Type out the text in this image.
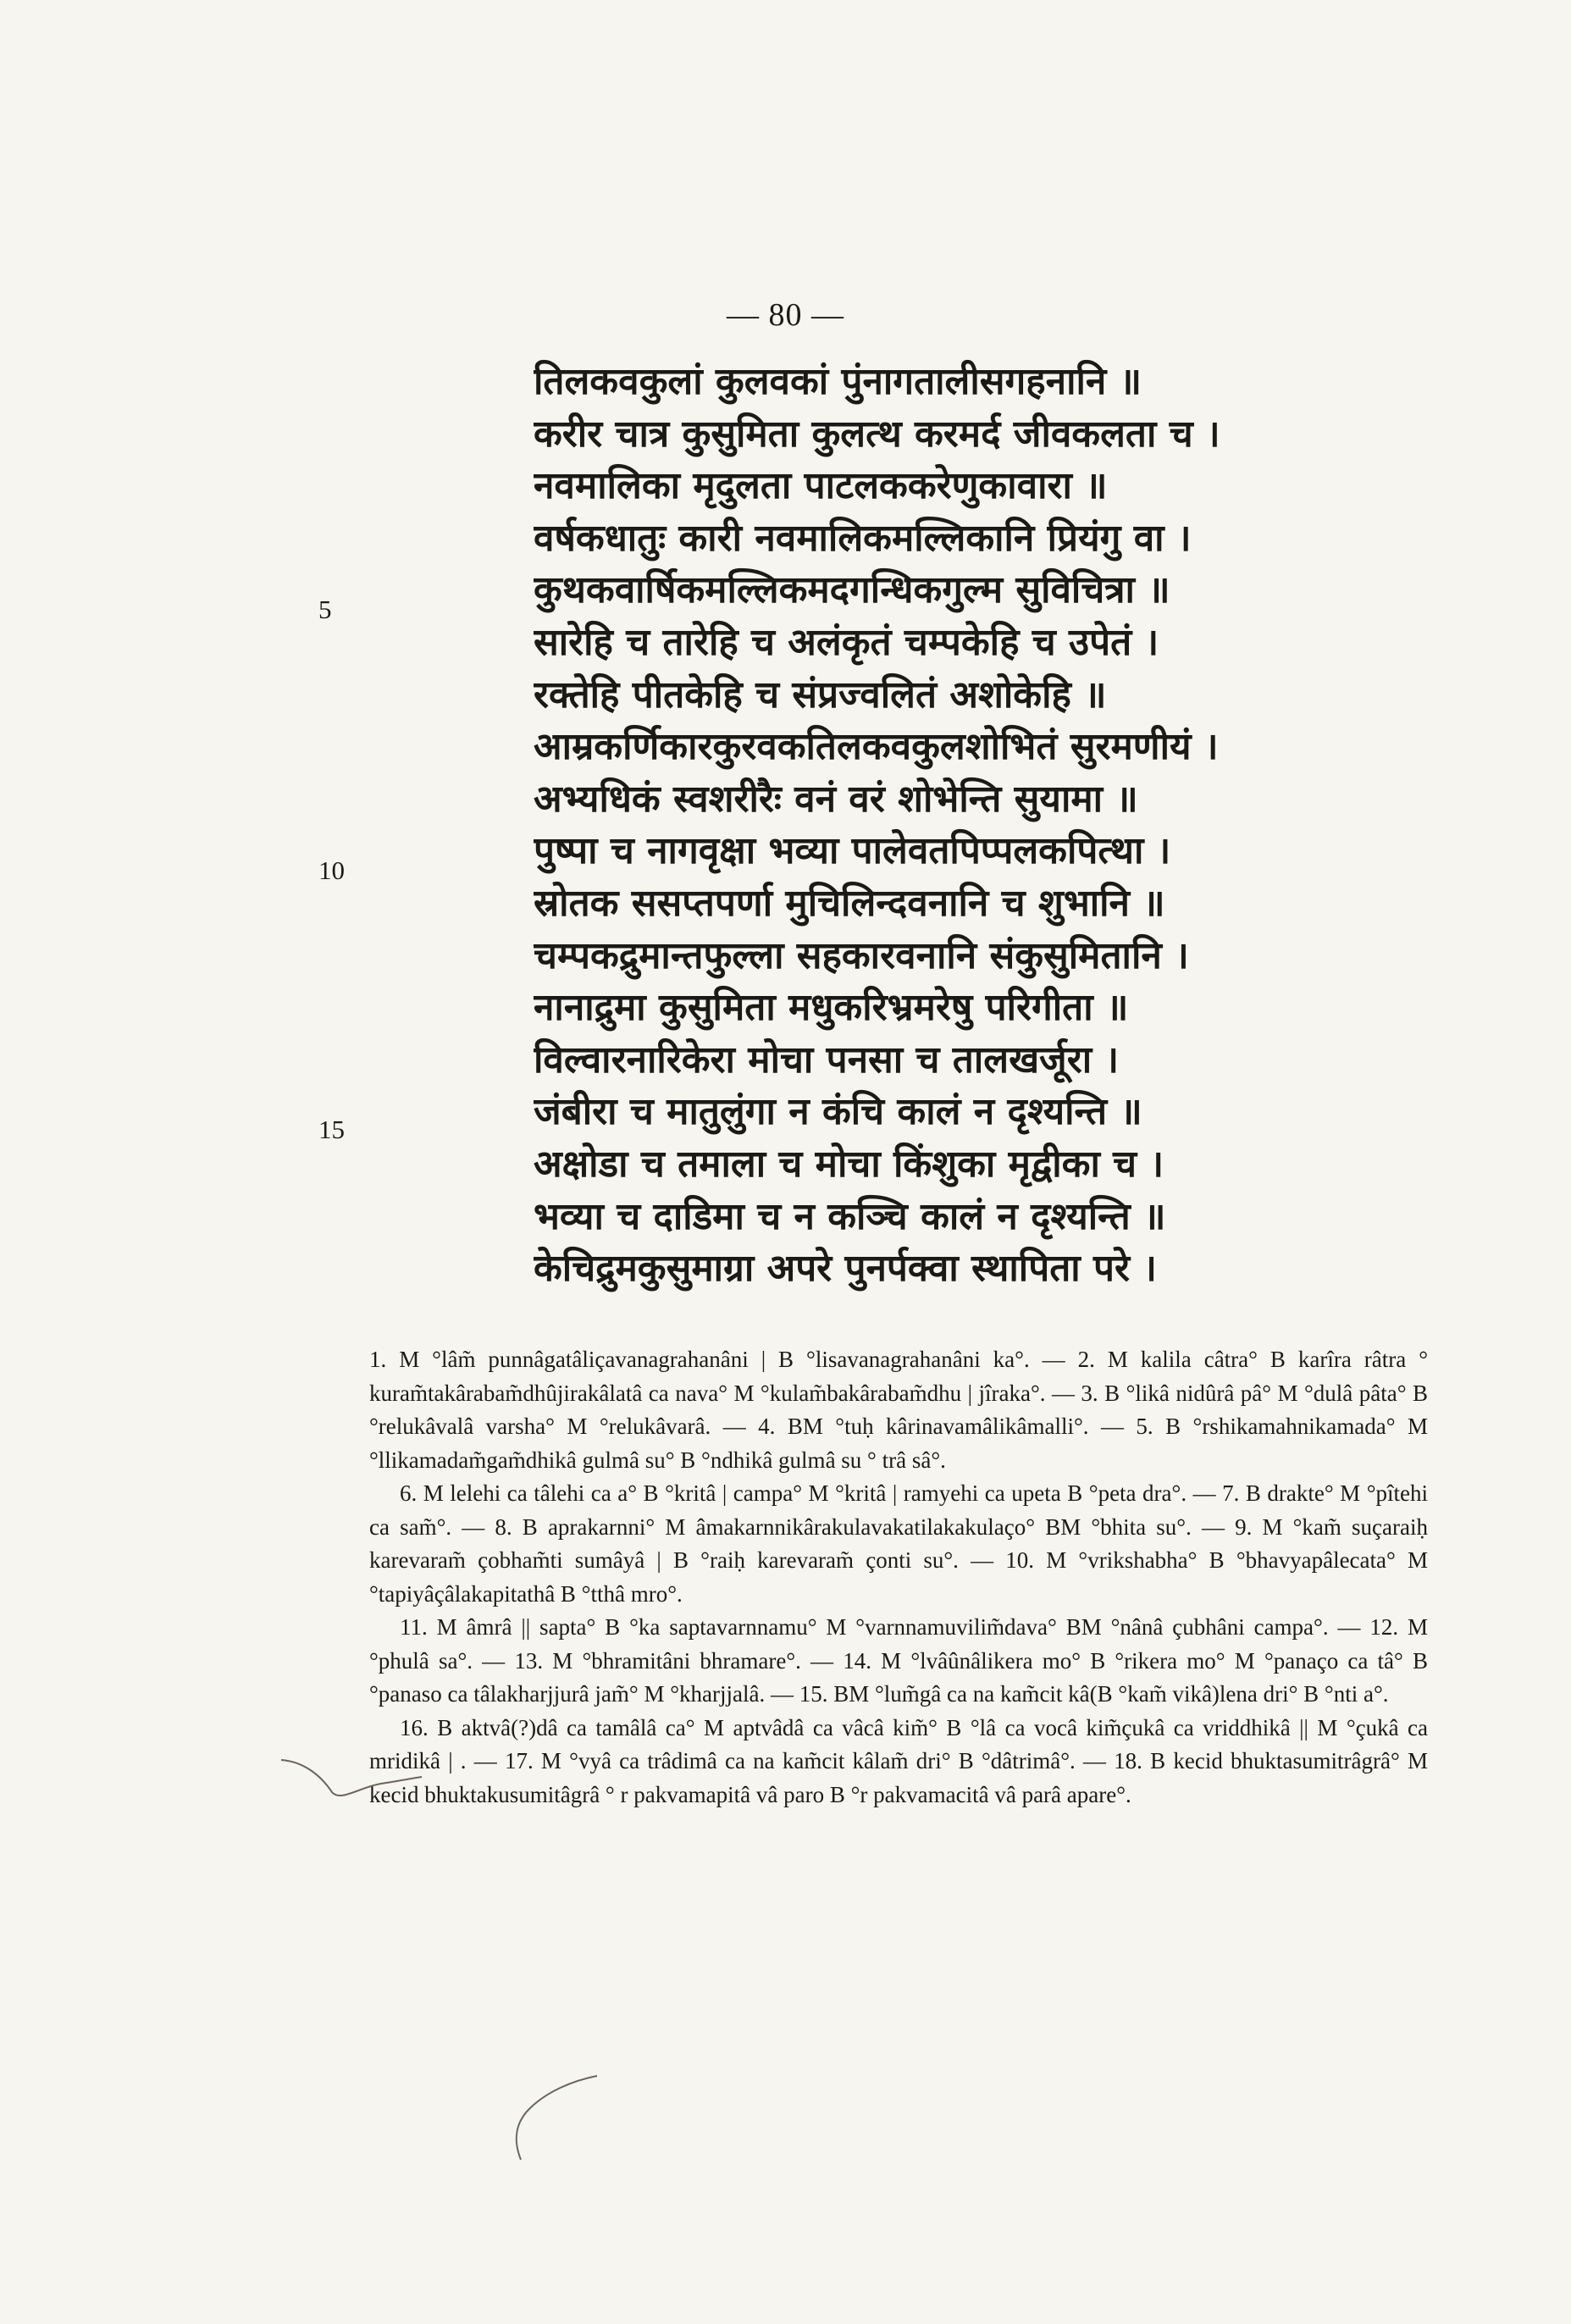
— 80 —
तिलकवकुलां कुलवकां पुंनागतालीसगहनानि ॥
करीर चात्र कुसुमिता कुलत्थ करमर्द जीवकलता च ।
नवमालिका मृदुलता पाटलककरेणुकावारा ॥
वर्षकधातुः कारी नवमालिकमल्लिकानि प्रियंगु वा ।
कुथकवार्षिकमल्लिकमदगन्धिकगुल्म सुविचित्रा ॥
सारेहि च तारेहि च अलंकृतं चम्पकेहि च उपेतं ।
रक्तेहि पीतकेहि च संप्रज्वलितं अशोकेहि ॥
आम्रकर्णिकारकुरवकतिलकवकुलशोभितं सुरमणीयं ।
अभ्यधिकं स्वशरीरैः वनं वरं शोभेन्ति सुयामा ॥
पुष्पा च नागवृक्षा भव्या पालेवतपिप्पलकपित्था ।
स्रोतक ससप्तपर्णा मुचिलिन्दवनानि च शुभानि ॥
चम्पकद्रुमान्तफुल्ला सहकारवनानि संकुसुमितानि ।
नानाद्रुमा कुसुमिता मधुकरिभ्रमरेषु परिगीता ॥
विल्वारनारिकेरा मोचा पनसा च तालखर्जूरा ।
जंबीरा च मातुलुंगा न कंचि कालं न दृश्यन्ति ॥
अक्षोडा च तमाला च मोचा किंशुका मृद्वीका च ।
भव्या च दाडिमा च न कञ्चि कालं न दृश्यन्ति ॥
केचिद्रुमकुसुमाग्रा अपरे पुनर्पक्वा स्थापिता परे ।
5
10
15

1. M °lâm̃ punnâgatâliçavanagrahanâni | B °lisavanagrahanâni ka°. — 2. M kalila câtra° B karîra râtra ° kuram̃takârabam̃dhûjirakâlatâ ca nava° M °kulam̃bakârabam̃dhu | jîraka°. — 3. B °likâ nidûrâ pâ° M °dulâ pâta° B °relukâvalâ varsha° M °relukâvarâ. — 4. BM °tuḥ kârinavamâlikâmalli°. — 5. B °rshikamahnikamada° M °llikamadam̃gam̃dhikâ gulmâ su° B °ndhikâ gulmâ su ° trâ sâ°.

6. M lelehi ca tâlehi ca a° B °kritâ | campa° M °kritâ | ramyehi ca upeta B °peta dra°. — 7. B drakte° M °pîtehi ca sam̃°. — 8. B aprakarnni° M âmakarnnikârakulavakatilakakulaço° BM °bhita su°. — 9. M °kam̃ suçaraiḥ karevaram̃ çobham̃ti sumâyâ | B °raiḥ karevaram̃ çonti su°. — 10. M °vrikshabha° B °bhavyapâlecata° M °tapiyâçâlakapitathâ B °tthâ mro°.

11. M âmrâ || sapta° B °ka saptavarnnamu° M °varnnamuvilim̃dava° BM °nânâ çubhâni campa°. — 12. M °phulâ sa°. — 13. M °bhramitâni bhramare°. — 14. M °lvâûnâlikera mo° B °rikera mo° M °panaço ca tâ° B °panaso ca tâlakharjjurâ jam̃° M °kharjjalâ. — 15. BM °lum̃gâ ca na kam̃cit kâ(B °kam̃ vikâ)lena dri° B °nti a°.

16. B aktvâ(?)dâ ca tamâlâ ca° M aptvâdâ ca vâcâ kim̃° B °lâ ca vocâ kim̃çukâ ca vriddhikâ || M °çukâ ca mridikâ | . — 17. M °vyâ ca trâdimâ ca na kam̃cit kâlam̃ dri° B °dâtrimâ°. — 18. B kecid bhuktasumitrâgrâ° M kecid bhuktakusumitâgrâ ° r pakvamapitâ vâ paro B °r pakvamacitâ vâ parâ apare°.
